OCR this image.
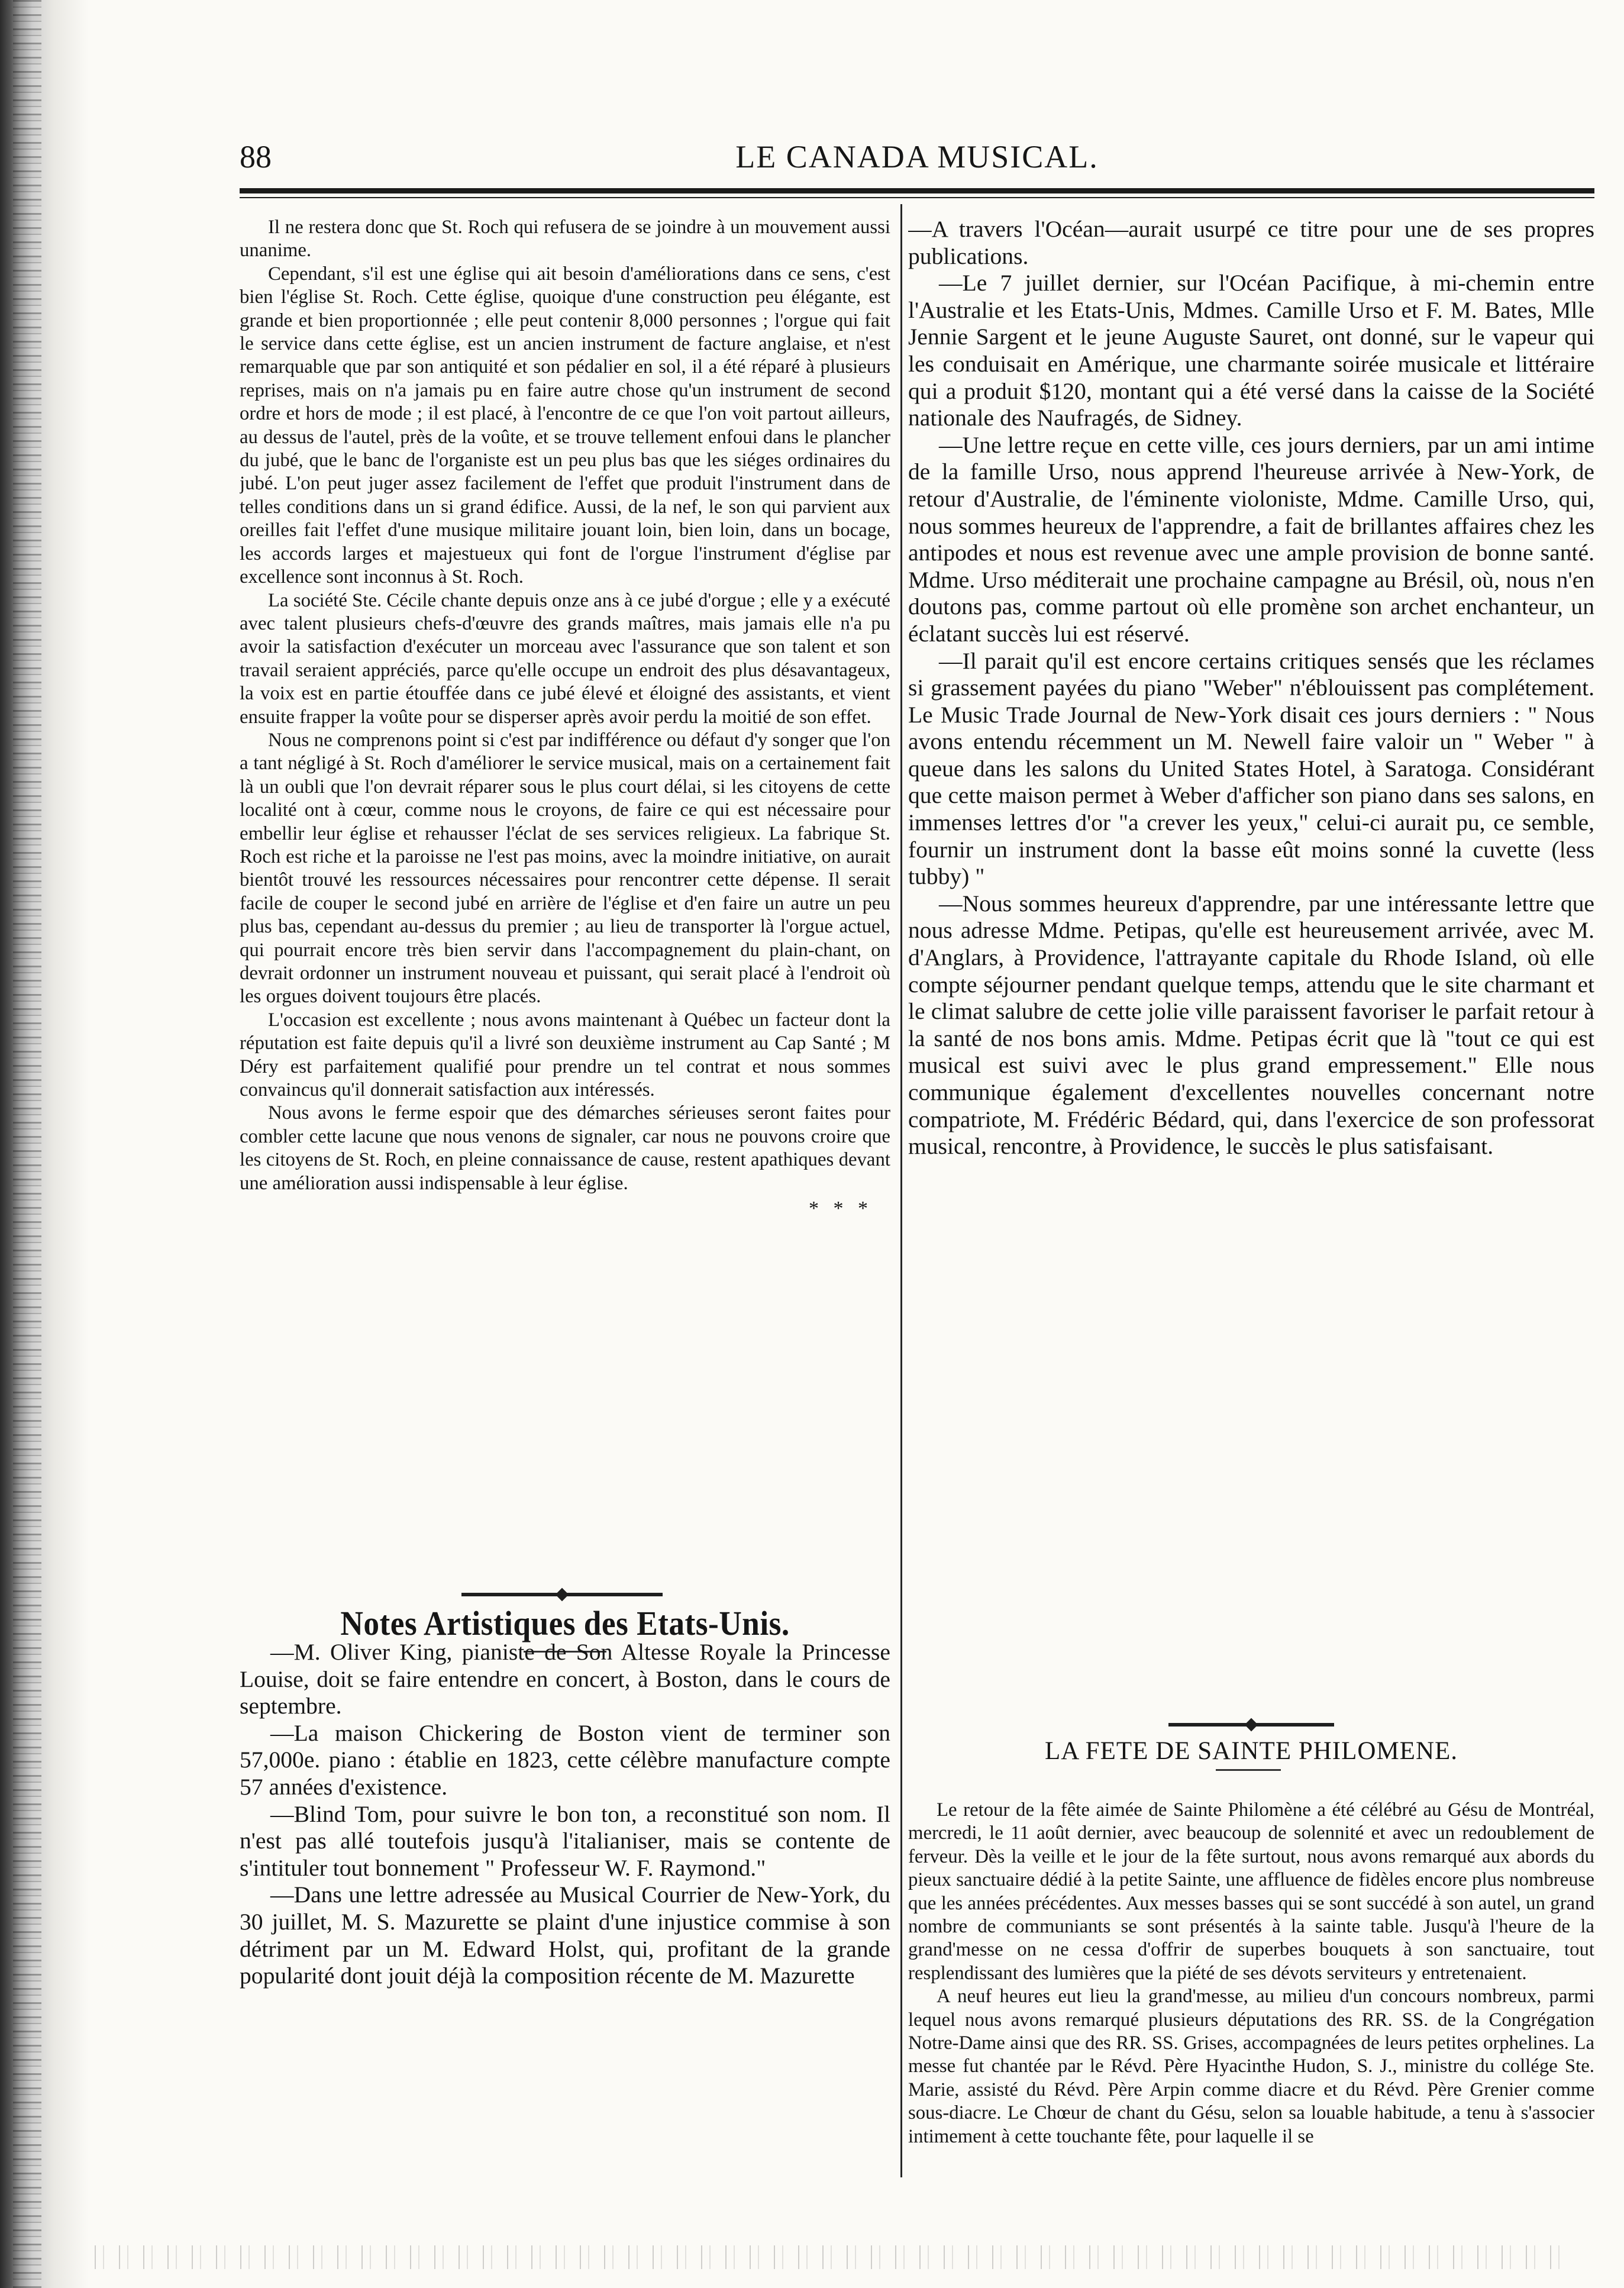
88	LE CANADA MUSICAL.

Il ne restera donc que St. Roch qui refusera de se joindre à un mouvement aussi unanime.

Cependant, s'il est une église qui ait besoin d'améliorations dans ce sens, c'est bien l'église St. Roch. Cette église, quoique d'une construction peu élégante, est grande et bien proportionnée ; elle peut contenir 8,000 personnes ; l'orgue qui fait le service dans cette église, est un ancien instrument de facture anglaise, et n'est remarquable que par son antiquité et son pédalier en sol, il a été réparé à plusieurs reprises, mais on n'a jamais pu en faire autre chose qu'un instrument de second ordre et hors de mode ; il est placé, à l'encontre de ce que l'on voit partout ailleurs, au dessus de l'autel, près de la voûte, et se trouve tellement enfoui dans le plancher du jubé, que le banc de l'organiste est un peu plus bas que les siéges ordinaires du jubé. L'on peut juger assez facilement de l'effet que produit l'instrument dans de telles conditions dans un si grand édifice. Aussi, de la nef, le son qui parvient aux oreilles fait l'effet d'une musique militaire jouant loin, bien loin, dans un bocage, les accords larges et majestueux qui font de l'orgue l'instrument d'église par excellence sont inconnus à St. Roch.

La société Ste. Cécile chante depuis onze ans à ce jubé d'orgue ; elle y a exécuté avec talent plusieurs chefs-d'œuvre des grands maîtres, mais jamais elle n'a pu avoir la satisfaction d'exécuter un morceau avec l'assurance que son talent et son travail seraient appréciés, parce qu'elle occupe un endroit des plus désavantageux, la voix est en partie étouffée dans ce jubé élevé et éloigné des assistants, et vient ensuite frapper la voûte pour se disperser après avoir perdu la moitié de son effet.

Nous ne comprenons point si c'est par indifférence ou défaut d'y songer que l'on a tant négligé à St. Roch d'améliorer le service musical, mais on a certainement fait là un oubli que l'on devrait réparer sous le plus court délai, si les citoyens de cette localité ont à cœur, comme nous le croyons, de faire ce qui est nécessaire pour embellir leur église et rehausser l'éclat de ses services religieux. La fabrique St. Roch est riche et la paroisse ne l'est pas moins, avec la moindre initiative, on aurait bientôt trouvé les ressources nécessaires pour rencontrer cette dépense. Il serait facile de couper le second jubé en arrière de l'église et d'en faire un autre un peu plus bas, cependant au-dessus du premier ; au lieu de transporter là l'orgue actuel, qui pourrait encore très bien servir dans l'accompagnement du plain-chant, on devrait ordonner un instrument nouveau et puissant, qui serait placé à l'endroit où les orgues doivent toujours être placés.

L'occasion est excellente ; nous avons maintenant à Québec un facteur dont la réputation est faite depuis qu'il a livré son deuxième instrument au Cap Santé ; M Déry est parfaitement qualifié pour prendre un tel contrat et nous sommes convaincus qu'il donnerait satisfaction aux intéressés.

Nous avons le ferme espoir que des démarches sérieuses seront faites pour combler cette lacune que nous venons de signaler, car nous ne pouvons croire que les citoyens de St. Roch, en pleine connaissance de cause, restent apathiques devant une amélioration aussi indispensable à leur église.

* * *
Notes Artistiques des Etats-Unis.

—M. Oliver King, pianiste de Son Altesse Royale la Princesse Louise, doit se faire entendre en concert, à Boston, dans le cours de septembre.

—La maison Chickering de Boston vient de terminer son 57,000e. piano : établie en 1823, cette célèbre manufacture compte 57 années d'existence.

—Blind Tom, pour suivre le bon ton, a reconstitué son nom. Il n'est pas allé toutefois jusqu'à l'italianiser, mais se contente de s'intituler tout bonnement " Professeur W. F. Raymond."

—Dans une lettre adressée au Musical Courrier de New-York, du 30 juillet, M. S. Mazurette se plaint d'une injustice commise à son détriment par un M. Edward Holst, qui, profitant de la grande popularité dont jouit déjà la composition récente de M. Mazurette

—A travers l'Océan—aurait usurpé ce titre pour une de ses propres publications.

—Le 7 juillet dernier, sur l'Océan Pacifique, à mi-chemin entre l'Australie et les Etats-Unis, Mdmes. Camille Urso et F. M. Bates, Mlle Jennie Sargent et le jeune Auguste Sauret, ont donné, sur le vapeur qui les conduisait en Amérique, une charmante soirée musicale et littéraire qui a produit $120, montant qui a été versé dans la caisse de la Société nationale des Naufragés, de Sidney.

—Une lettre reçue en cette ville, ces jours derniers, par un ami intime de la famille Urso, nous apprend l'heureuse arrivée à New-York, de retour d'Australie, de l'éminente violoniste, Mdme. Camille Urso, qui, nous sommes heureux de l'apprendre, a fait de brillantes affaires chez les antipodes et nous est revenue avec une ample provision de bonne santé. Mdme. Urso méditerait une prochaine campagne au Brésil, où, nous n'en doutons pas, comme partout où elle promène son archet enchanteur, un éclatant succès lui est réservé.

—Il parait qu'il est encore certains critiques sensés que les réclames si grassement payées du piano "Weber" n'éblouissent pas complétement. Le Music Trade Journal de New-York disait ces jours derniers : " Nous avons entendu récemment un M. Newell faire valoir un " Weber " à queue dans les salons du United States Hotel, à Saratoga. Considérant que cette maison permet à Weber d'afficher son piano dans ses salons, en immenses lettres d'or "a crever les yeux," celui-ci aurait pu, ce semble, fournir un instrument dont la basse eût moins sonné la cuvette (less tubby) "

—Nous sommes heureux d'apprendre, par une intéressante lettre que nous adresse Mdme. Petipas, qu'elle est heureusement arrivée, avec M. d'Anglars, à Providence, l'attrayante capitale du Rhode Island, où elle compte séjourner pendant quelque temps, attendu que le site charmant et le climat salubre de cette jolie ville paraissent favoriser le parfait retour à la santé de nos bons amis. Mdme. Petipas écrit que là "tout ce qui est musical est suivi avec le plus grand empressement." Elle nous communique également d'excellentes nouvelles concernant notre compatriote, M. Frédéric Bédard, qui, dans l'exercice de son professorat musical, rencontre, à Providence, le succès le plus satisfaisant.

LA FETE DE SAINTE PHILOMENE.

Le retour de la fête aimée de Sainte Philomène a été célébré au Gésu de Montréal, mercredi, le 11 août dernier, avec beaucoup de solennité et avec un redoublement de ferveur. Dès la veille et le jour de la fête surtout, nous avons remarqué aux abords du pieux sanctuaire dédié à la petite Sainte, une affluence de fidèles encore plus nombreuse que les années précédentes. Aux messes basses qui se sont succédé à son autel, un grand nombre de communiants se sont présentés à la sainte table. Jusqu'à l'heure de la grand'messe on ne cessa d'offrir de superbes bouquets à son sanctuaire, tout resplendissant des lumières que la piété de ses dévots serviteurs y entretenaient.

A neuf heures eut lieu la grand'messe, au milieu d'un concours nombreux, parmi lequel nous avons remarqué plusieurs députations des RR. SS. de la Congrégation Notre-Dame ainsi que des RR. SS. Grises, accompagnées de leurs petites orphelines. La messe fut chantée par le Révd. Père Hyacinthe Hudon, S. J., ministre du collége Ste. Marie, assisté du Révd. Père Arpin comme diacre et du Révd. Père Grenier comme sous-diacre. Le Chœur de chant du Gésu, selon sa louable habitude, a tenu à s'associer intimement à cette touchante fête, pour laquelle il se
